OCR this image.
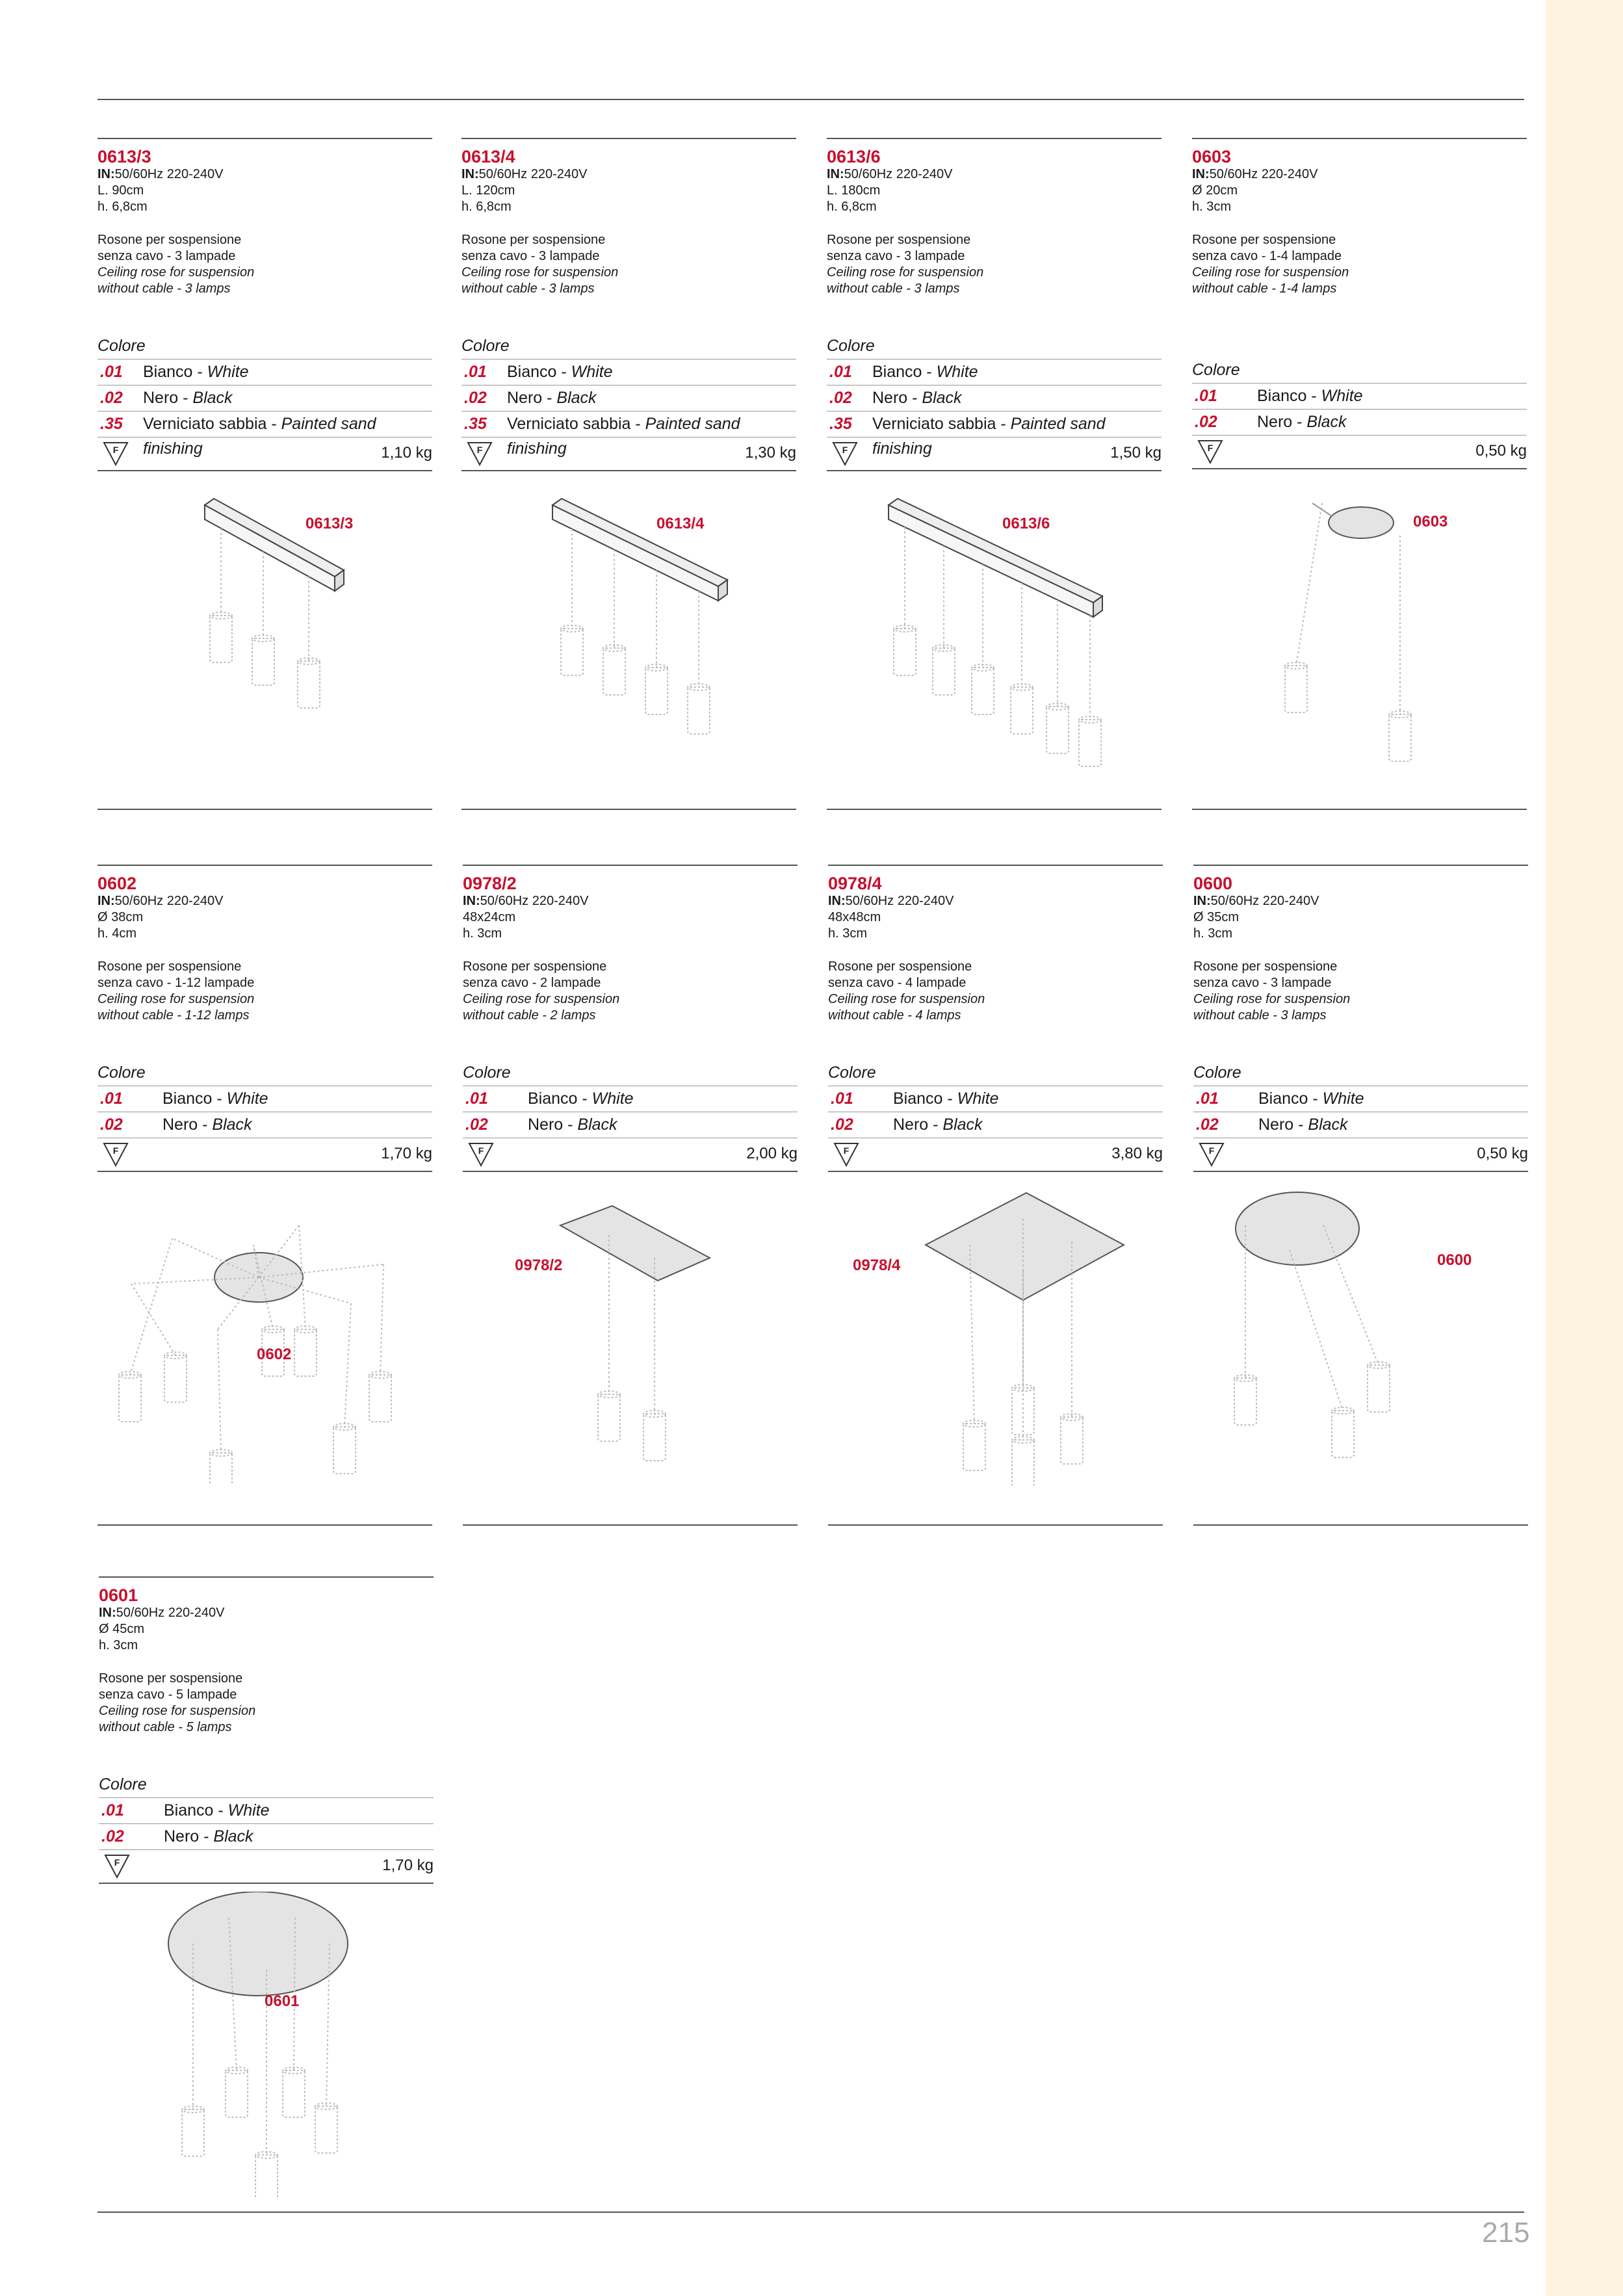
0613/3
IN:50/60Hz 220-240V
L. 90cm
h. 6,8cm
Rosone per sospensione
senza cavo - 3 lampade
Ceiling rose for suspension
without cable - 3 lamps
Colore
.01 Bianco - White
.02 Nero - Black
.35 Verniciato sabbia - Painted sand finishing
F	1,10 kg
0613/3
0613/4
IN:50/60Hz 220-240V
L. 120cm
h. 6,8cm
Rosone per sospensione
senza cavo - 3 lampade
Ceiling rose for suspension
without cable - 3 lamps
Colore
.01 Bianco - White
.02 Nero - Black
.35 Verniciato sabbia - Painted sand finishing
F	1,30 kg
0613/4
0613/6
IN:50/60Hz 220-240V
L. 180cm
h. 6,8cm
Rosone per sospensione
senza cavo - 3 lampade
Ceiling rose for suspension
without cable - 3 lamps
Colore
.01 Bianco - White
.02 Nero - Black
.35 Verniciato sabbia - Painted sand finishing
F	1,50 kg
0613/6
0603
IN:50/60Hz 220-240V
Ø 20cm
h. 3cm
Rosone per sospensione
senza cavo - 1-4 lampade
Ceiling rose for suspension
without cable - 1-4 lamps
Colore
.01 Bianco - White
.02 Nero - Black
F	0,50 kg
0603
0602
IN:50/60Hz 220-240V
Ø 38cm
h. 4cm
Rosone per sospensione
senza cavo - 1-12 lampade
Ceiling rose for suspension
without cable - 1-12 lamps
Colore
.01 Bianco - White
.02 Nero - Black
F	1,70 kg
0602
0978/2
IN:50/60Hz 220-240V
48x24cm
h. 3cm
Rosone per sospensione
senza cavo - 2 lampade
Ceiling rose for suspension
without cable - 2 lamps
Colore
.01 Bianco - White
.02 Nero - Black
F	2,00 kg
0978/2
0978/4
IN:50/60Hz 220-240V
48x48cm
h. 3cm
Rosone per sospensione
senza cavo - 4 lampade
Ceiling rose for suspension
without cable - 4 lamps
Colore
.01 Bianco - White
.02 Nero - Black
F	3,80 kg
0978/4
0600
IN:50/60Hz 220-240V
Ø 35cm
h. 3cm
Rosone per sospensione
senza cavo - 3 lampade
Ceiling rose for suspension
without cable - 3 lamps
Colore
.01 Bianco - White
.02 Nero - Black
F	0,50 kg
0600
0601
IN:50/60Hz 220-240V
Ø 45cm
h. 3cm
Rosone per sospensione
senza cavo - 5 lampade
Ceiling rose for suspension
without cable - 5 lamps
Colore
.01 Bianco - White
.02 Nero - Black
F	1,70 kg
0601
215
